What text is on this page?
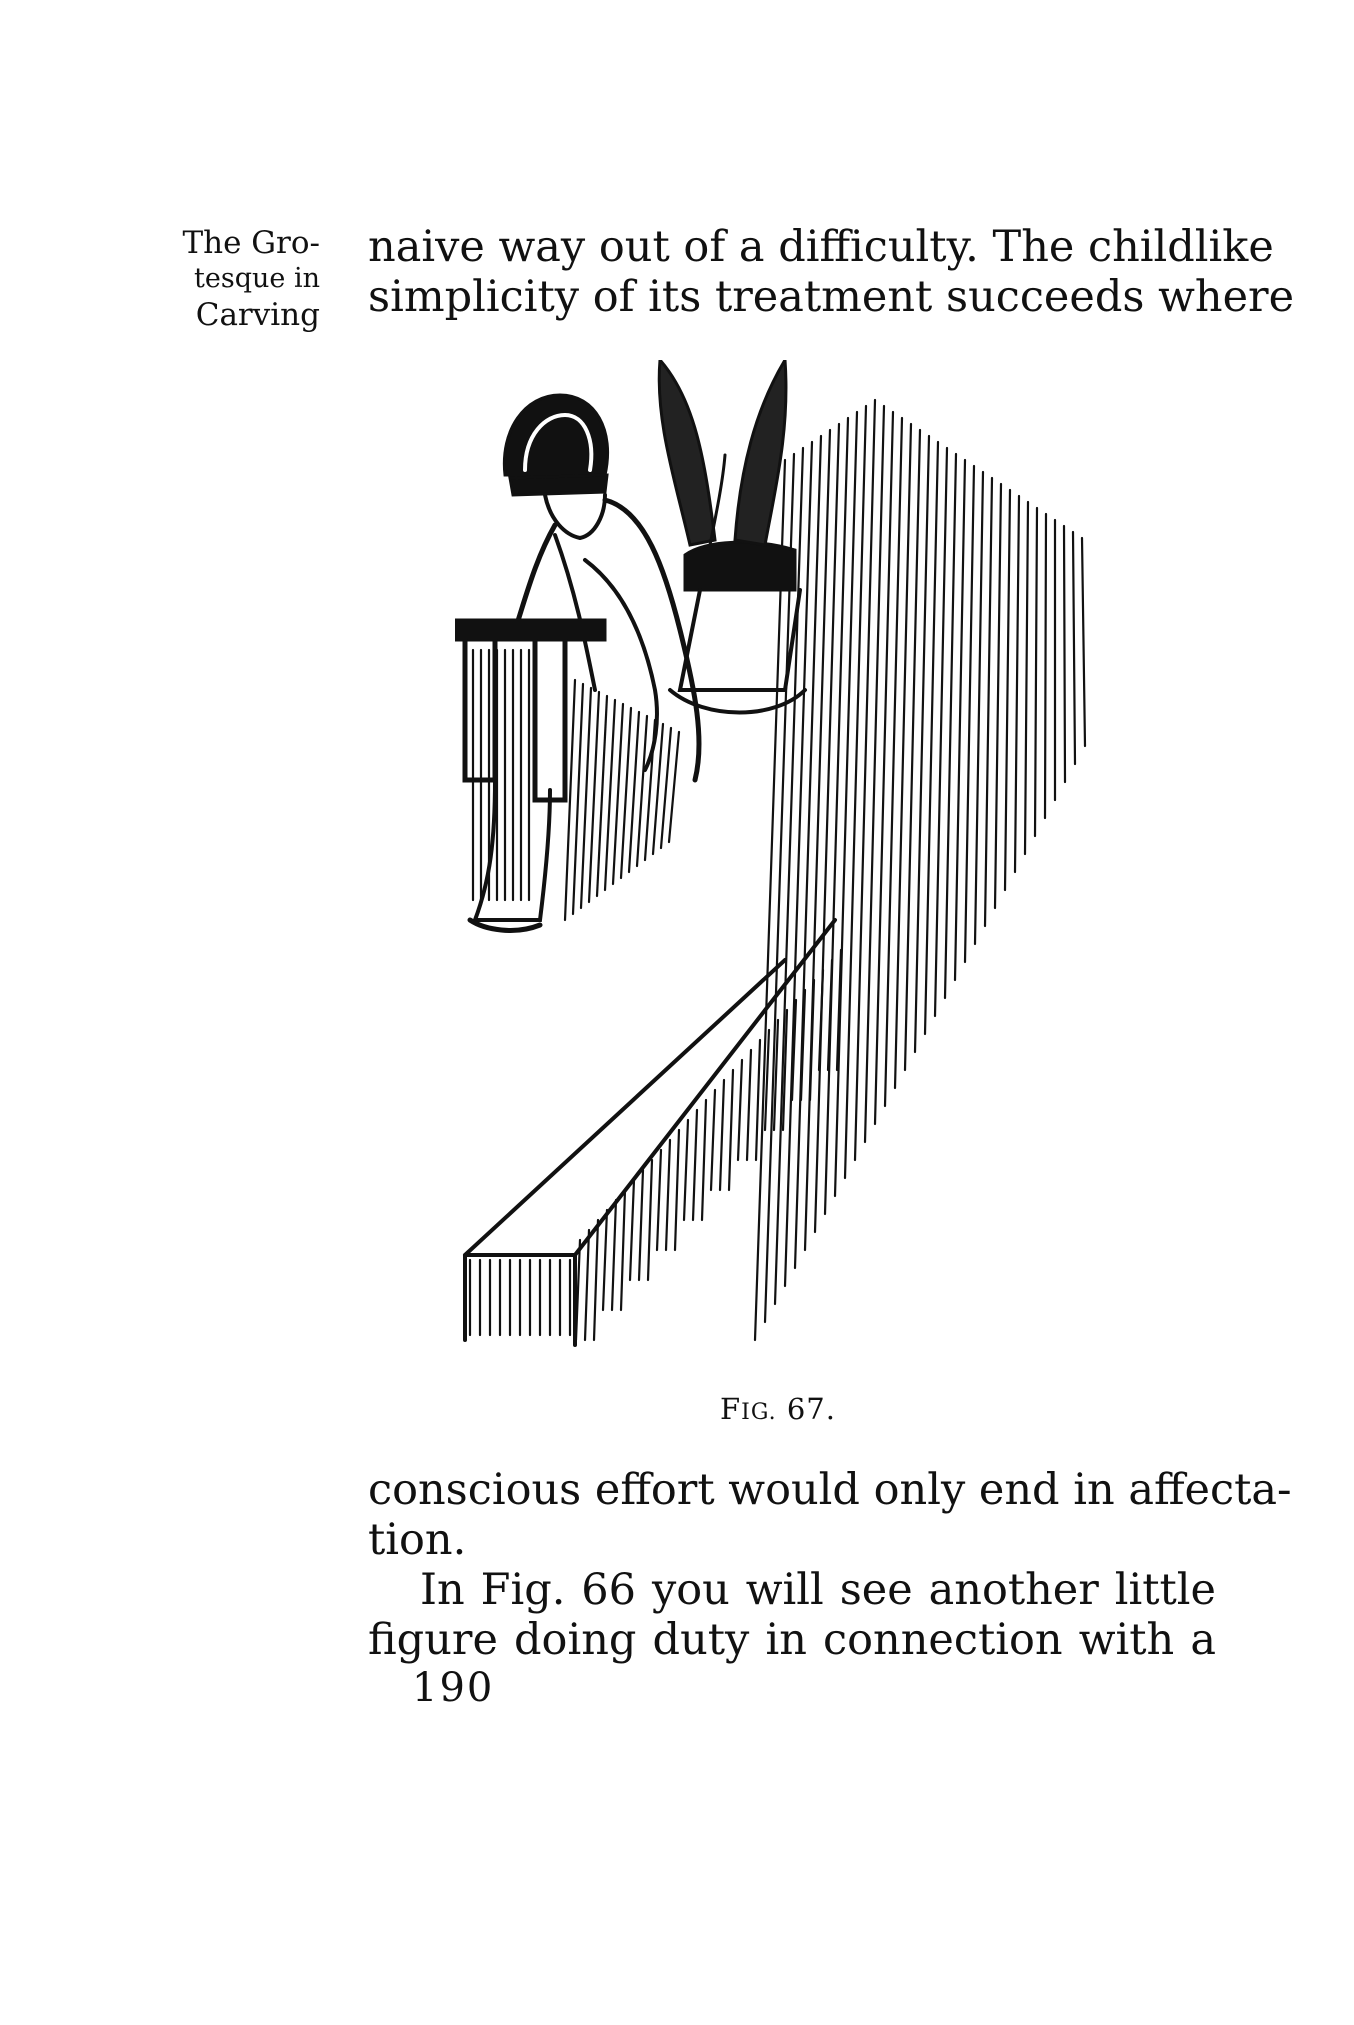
The Gro-
tesque in
Carving
naive way out of a difficulty. The childlike
simplicity of its treatment succeeds where
FIG. 67.
conscious effort would only end in affecta-
tion.
In Fig. 66 you will see another little
figure doing duty in connection with a
190
